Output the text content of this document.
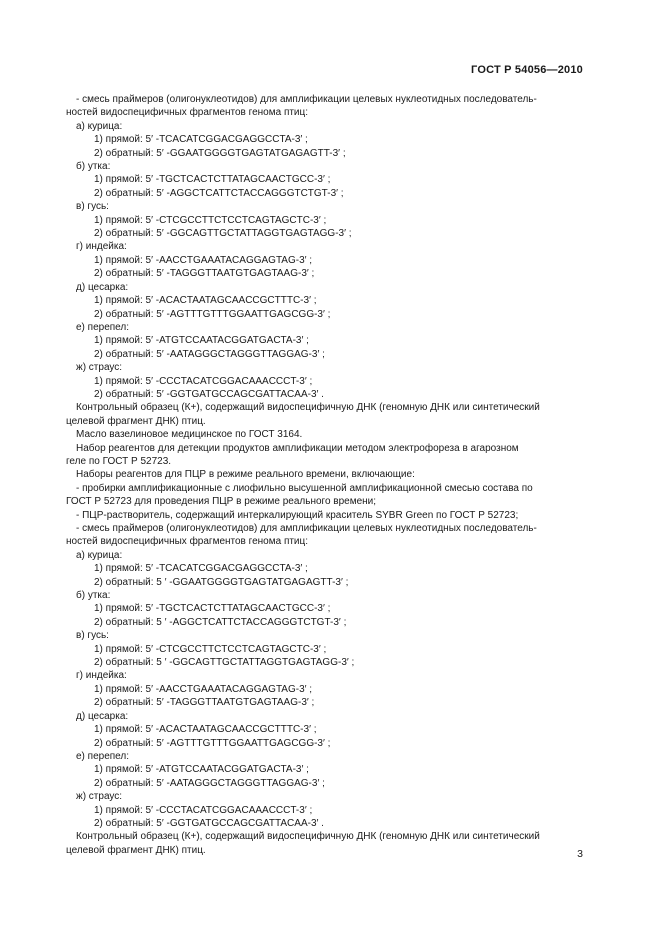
ГОСТ Р 54056—2010
- смесь праймеров (олигонуклеотидов) для амплификации целевых нуклеотидных последователь-
ностей видоспецифичных фрагментов генома птиц:
а) курица:
1) прямой: 5′ -TCACATCGGACGAGGCCTA-3′ ;
2) обратный: 5′ -GGAATGGGGTGAGTATGAGAGTT-3′ ;
б) утка:
1) прямой: 5′ -TGCTCACTCTTATAGCAACTGCC-3′ ;
2) обратный: 5′ -AGGCTCATTCTACCAGGGTCTGT-3′ ;
в) гусь:
1) прямой: 5′ -CTCGCCTTCTCCTCAGTAGCTC-3′ ;
2) обратный: 5′ -GGCAGTTGCTATTAGGTGAGTAGG-3′ ;
г) индейка:
1) прямой: 5′ -AACCTGAAATACAGGAGTAG-3′ ;
2) обратный: 5′ -TAGGGTTAATGTGAGTAAG-3′ ;
д) цесарка:
1) прямой: 5′ -ACACTAATAGCAACCGCTTTC-3′ ;
2) обратный: 5′ -AGTTTGTTTGGAATTGAGCGG-3′ ;
е) перепел:
1) прямой: 5′ -ATGTCCAATACGGATGACTA-3′ ;
2) обратный: 5′ -AATAGGGCTAGGGTTAGGAG-3′ ;
ж) страус:
1) прямой: 5′ -CCCTACATCGGACAAACCCT-3′ ;
2) обратный: 5′ -GGTGATGCCAGCGATTACAA-3′ .
Контрольный образец (К+), содержащий видоспецифичную ДНК (геномную ДНК или синтетический
целевой фрагмент ДНК) птиц.
Масло вазелиновое медицинское по ГОСТ 3164.
Набор реагентов для детекции продуктов амплификации методом электрофореза в агарозном
геле по ГОСТ Р 52723.
Наборы реагентов для ПЦР в режиме реального времени, включающие:
- пробирки амплификационные с лиофильно высушенной амплификационной смесью состава по
ГОСТ Р 52723 для проведения ПЦР в режиме реального времени;
- ПЦР-растворитель, содержащий интеркалирующий краситель SYBR Green по ГОСТ Р 52723;
- смесь праймеров (олигонуклеотидов) для амплификации целевых нуклеотидных последователь-
ностей видоспецифичных фрагментов генома птиц:
а) курица:
1) прямой: 5′ -TCACATCGGACGAGGCCTA-3′ ;
2) обратный: 5 ′ -GGAATGGGGTGAGTATGAGAGTT-3′ ;
б) утка:
1) прямой: 5′ -TGCTCACTCTTATAGCAACTGCC-3′ ;
2) обратный: 5 ′ -AGGCTCATTCTACCAGGGTCTGT-3′ ;
в) гусь:
1) прямой: 5′ -CTCGCCTTCTCCTCAGTAGCTC-3′ ;
2) обратный: 5 ′ -GGCAGTTGCTATTAGGTGAGTAGG-3′ ;
г) индейка:
1) прямой: 5′ -AACCTGAAATACAGGAGTAG-3′ ;
2) обратный: 5′ -TAGGGTTAATGTGAGTAAG-3′ ;
д) цесарка:
1) прямой: 5′ -ACACTAATAGCAACCGCTTTC-3′ ;
2) обратный: 5′ -AGTTTGTTTGGAATTGAGCGG-3′ ;
е) перепел:
1) прямой: 5′ -ATGTCCAATACGGATGACTA-3′ ;
2) обратный: 5′ -AATAGGGCTAGGGTTAGGAG-3′ ;
ж) страус:
1) прямой: 5′ -CCCTACATCGGACAAACCCT-3′ ;
2) обратный: 5′ -GGTGATGCCAGCGATTACAA-3′ .
Контрольный образец (К+), содержащий видоспецифичную ДНК (геномную ДНК или синтетический
целевой фрагмент ДНК) птиц.	3
